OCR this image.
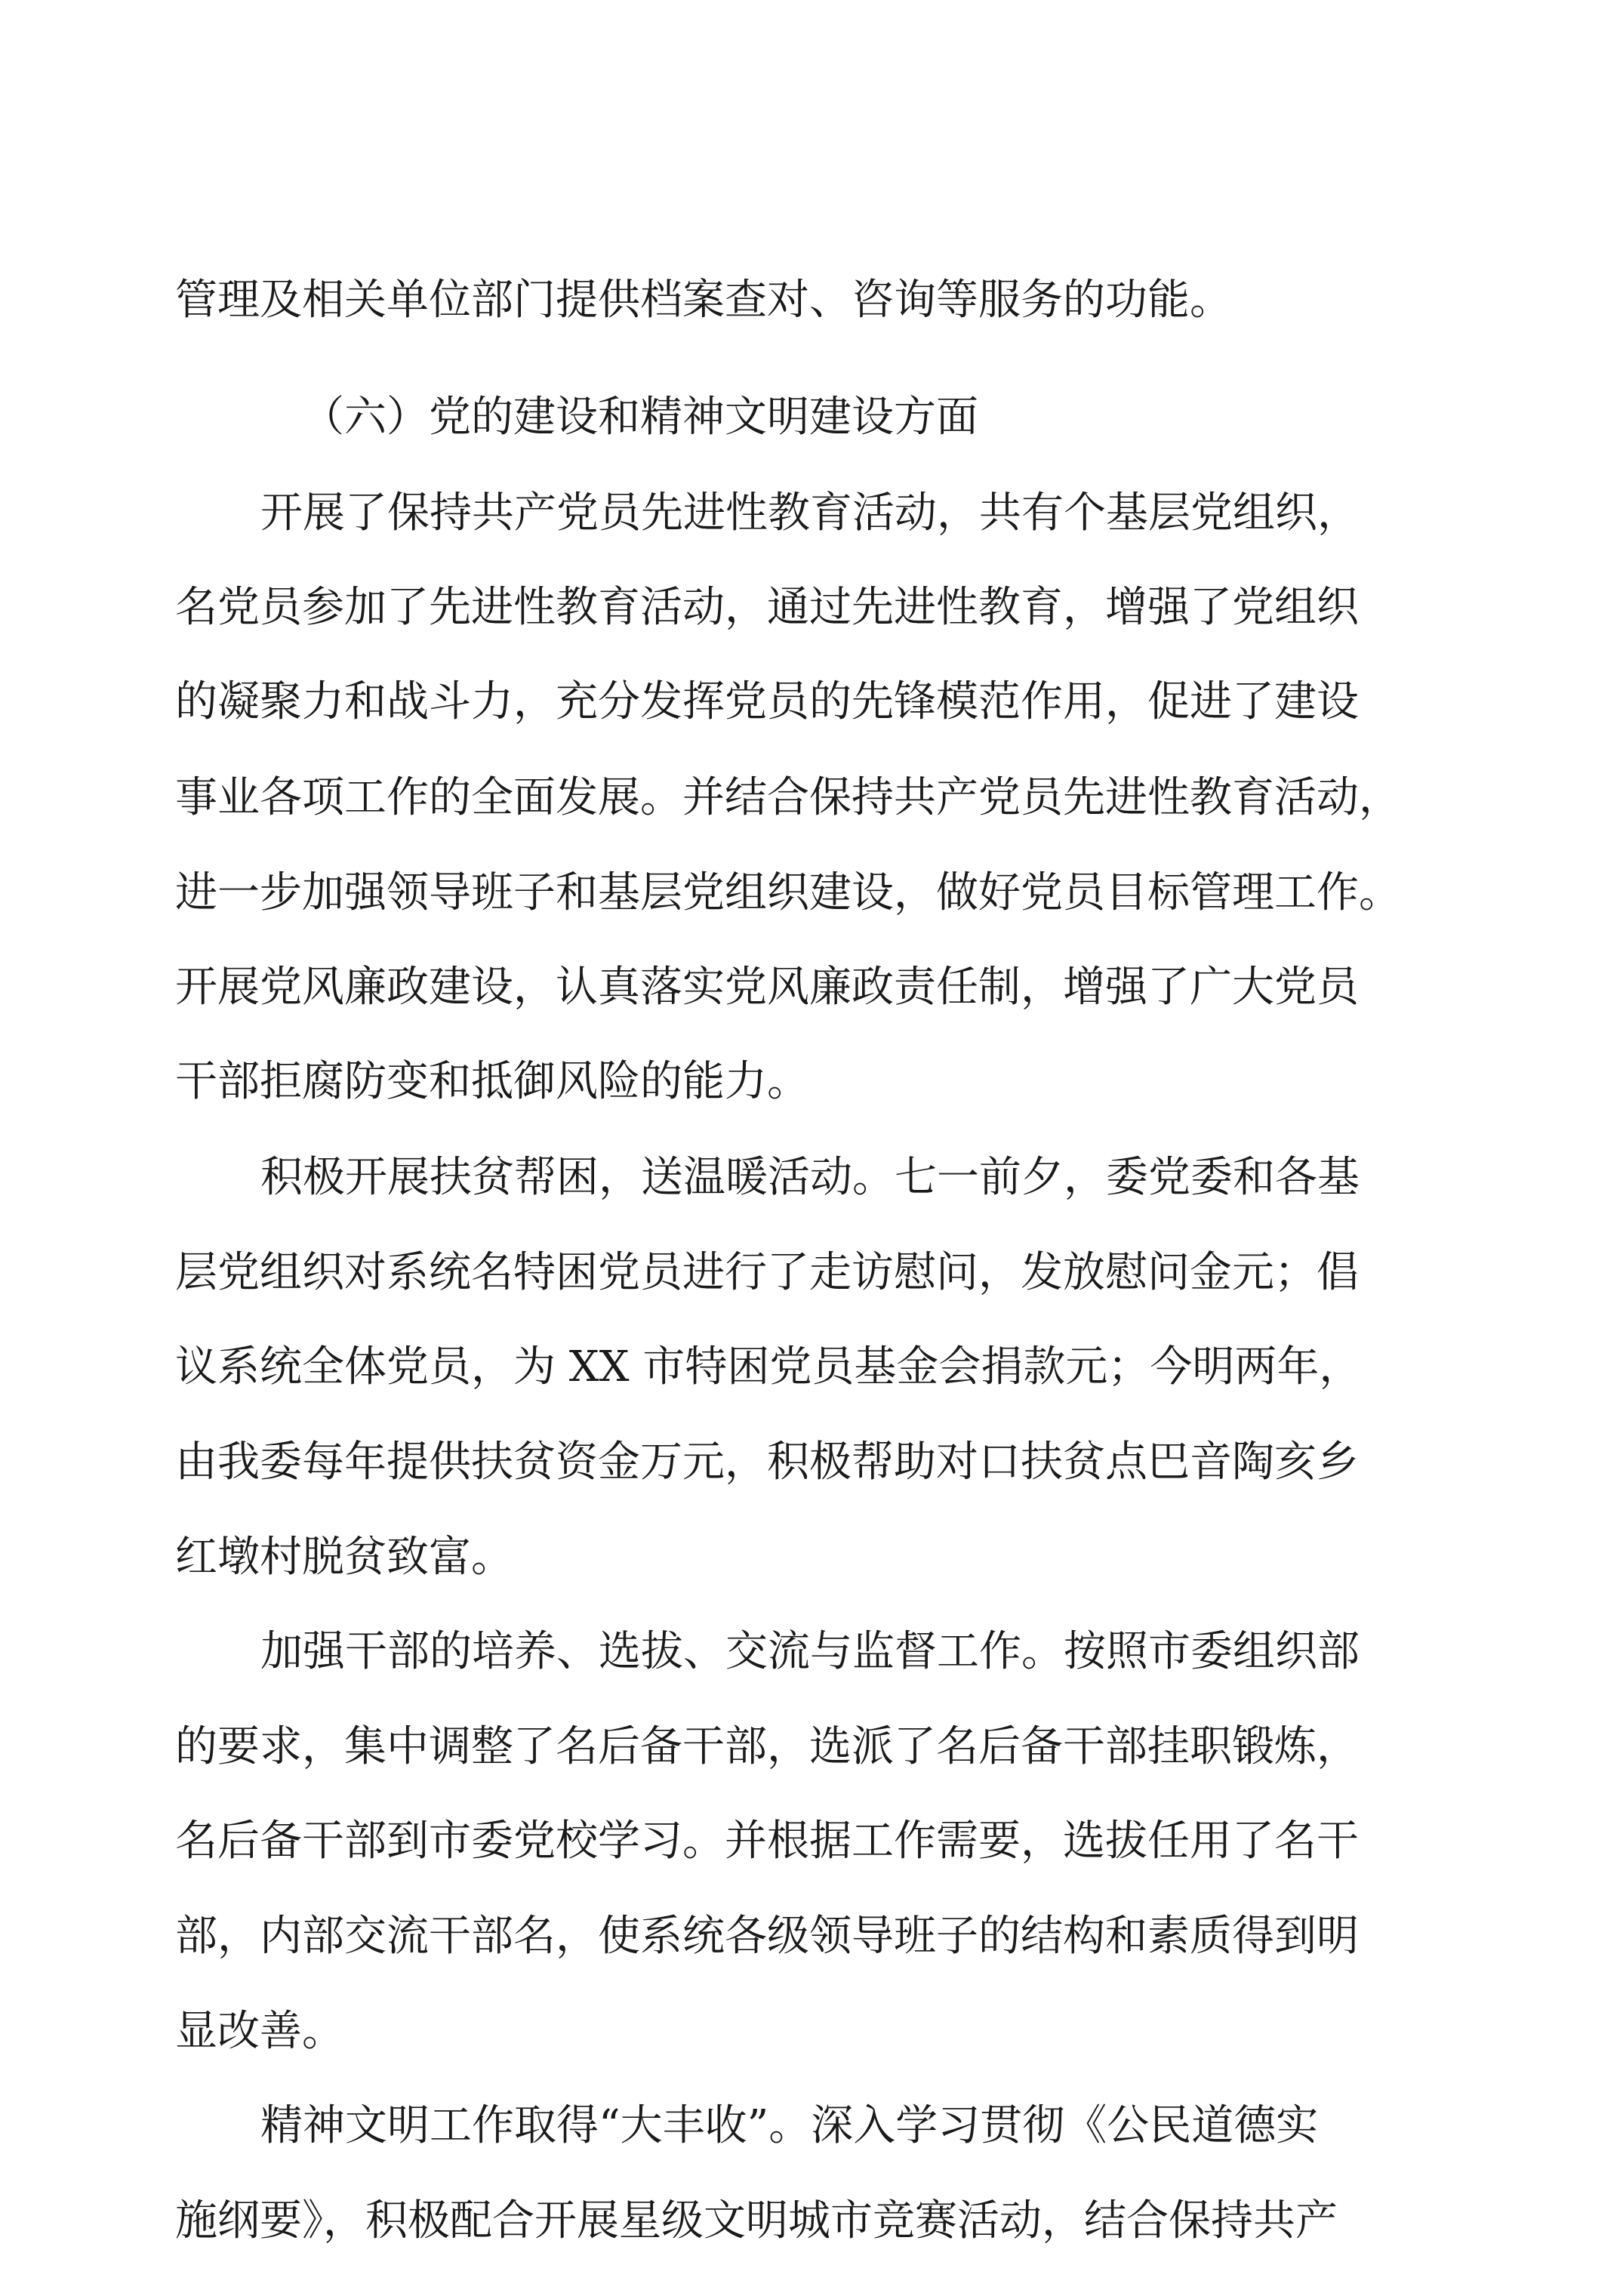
管理及相关单位部门提供档案查对、咨询等服务的功能。
（六）党的建设和精神文明建设方面
开展了保持共产党员先进性教育活动，共有个基层党组织，
名党员参加了先进性教育活动，通过先进性教育，增强了党组织
的凝聚力和战斗力，充分发挥党员的先锋模范作用，促进了建设
事业各项工作的全面发展。并结合保持共产党员先进性教育活动，
进一步加强领导班子和基层党组织建设，做好党员目标管理工作。
开展党风廉政建设，认真落实党风廉政责任制，增强了广大党员
干部拒腐防变和抵御风险的能力。
积极开展扶贫帮困，送温暖活动。七一前夕，委党委和各基
层党组织对系统名特困党员进行了走访慰问，发放慰问金元；倡
议系统全体党员，为 XX 市特困党员基金会捐款元；今明两年，
由我委每年提供扶贫资金万元，积极帮助对口扶贫点巴音陶亥乡
红墩村脱贫致富。
加强干部的培养、选拔、交流与监督工作。按照市委组织部
的要求，集中调整了名后备干部，选派了名后备干部挂职锻炼，
名后备干部到市委党校学习。并根据工作需要，选拔任用了名干
部，内部交流干部名，使系统各级领导班子的结构和素质得到明
显改善。
精神文明工作取得“大丰收”。深入学习贯彻《公民道德实
施纲要》，积极配合开展星级文明城市竞赛活动，结合保持共产
